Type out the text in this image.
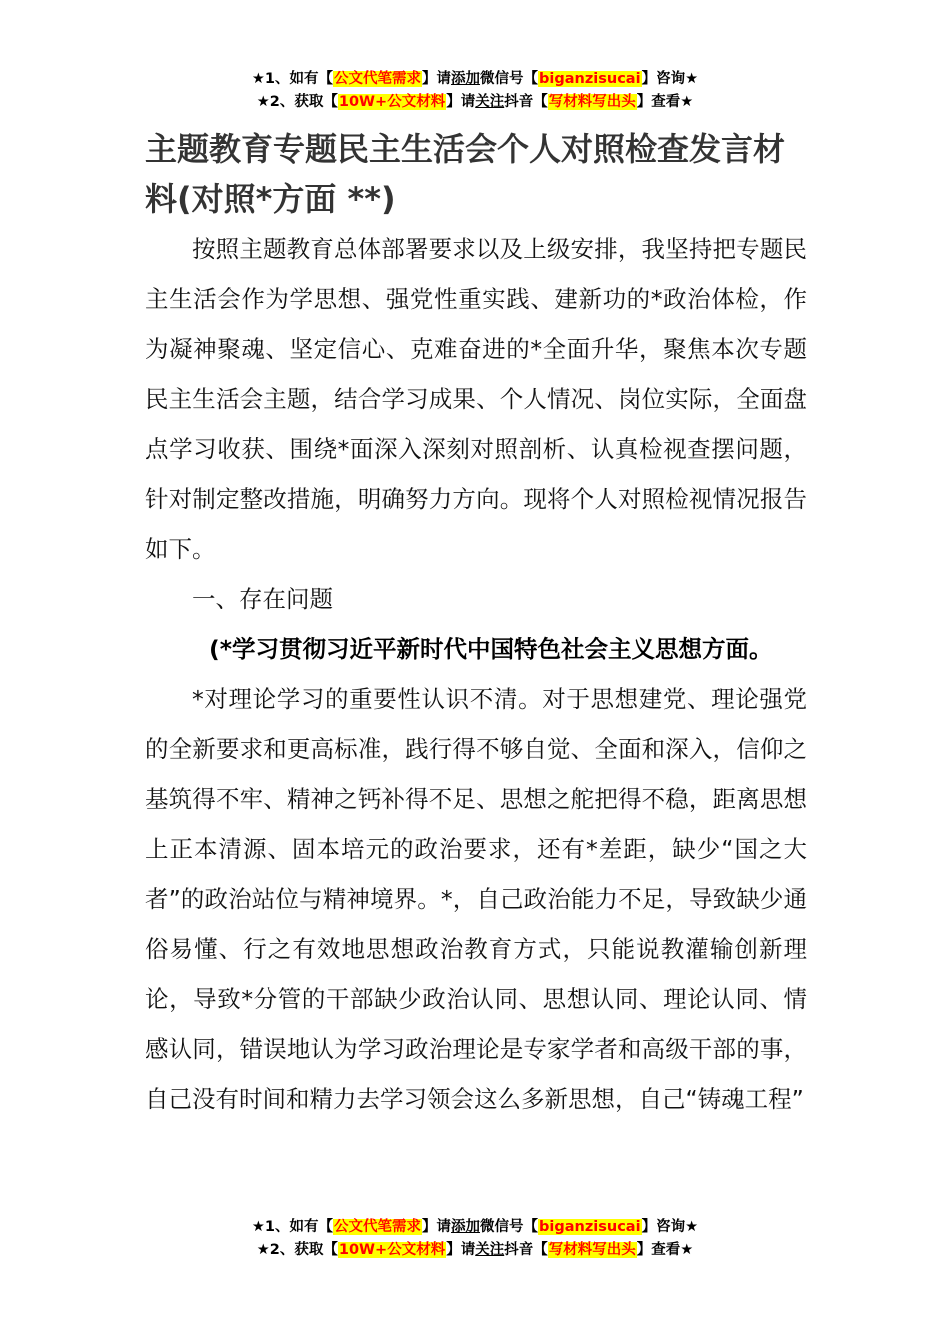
★1、如有【公文代笔需求】请添加微信号【biganzisucai】咨询★
★2、获取【10W+公文材料】请关注抖音【写材料写出头】查看★

主题教育专题民主生活会个人对照检查发言材料(对照*方面 **)

按照主题教育总体部署要求以及上级安排，我坚持把专题民主生活会作为学思想、强党性重实践、建新功的*政治体检，作为凝神聚魂、坚定信心、克难奋进的*全面升华，聚焦本次专题民主生活会主题，结合学习成果、个人情况、岗位实际，全面盘点学习收获、围绕*面深入深刻对照剖析、认真检视查摆问题，针对制定整改措施，明确努力方向。现将个人对照检视情况报告如下。

一、存在问题

(*学习贯彻习近平新时代中国特色社会主义思想方面。

*对理论学习的重要性认识不清。对于思想建党、理论强党的全新要求和更高标准，践行得不够自觉、全面和深入，信仰之基筑得不牢、精神之钙补得不足、思想之舵把得不稳，距离思想上正本清源、固本培元的政治要求，还有*差距，缺少“国之大者”的政治站位与精神境界。*，自己政治能力不足，导致缺少通俗易懂、行之有效地思想政治教育方式，只能说教灌输创新理论，导致*分管的干部缺少政治认同、思想认同、理论认同、情感认同，错误地认为学习政治理论是专家学者和高级干部的事，自己没有时间和精力去学习领会这么多新思想，自己“铸魂工程”

★1、如有【公文代笔需求】请添加微信号【biganzisucai】咨询★
★2、获取【10W+公文材料】请关注抖音【写材料写出头】查看★
